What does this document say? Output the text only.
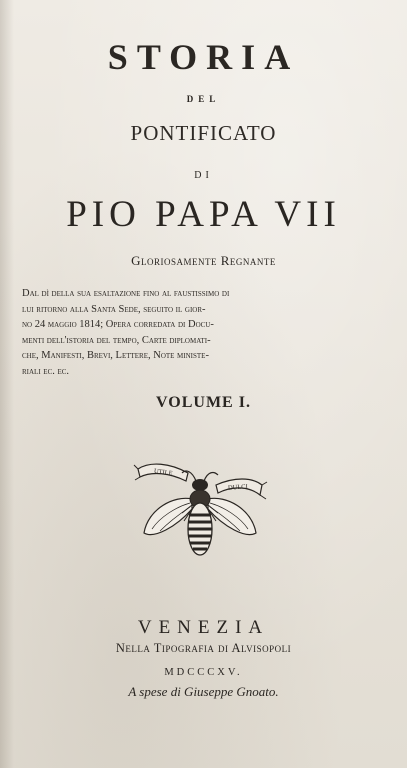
STORIA
DEL
PONTIFICATO
DI
PIO PAPA VII
Gloriosamente Regnante
Dal dì della sua esaltazione fino al faustissimo di
lui ritorno alla Santa Sede, seguito il gior-
no 24 maggio 1814; Opera corredata di Docu-
menti dell'istoria del tempo, Carte diplomati-
che, Manifesti, Brevi, Lettere, Note ministe-
riali ec. ec.
VOLUME I.
UTILE
DULCI
VENEZIA
Nella Tipografia di Alvisopoli
MDCCCXV.
A spese di Giuseppe Gnoato.
